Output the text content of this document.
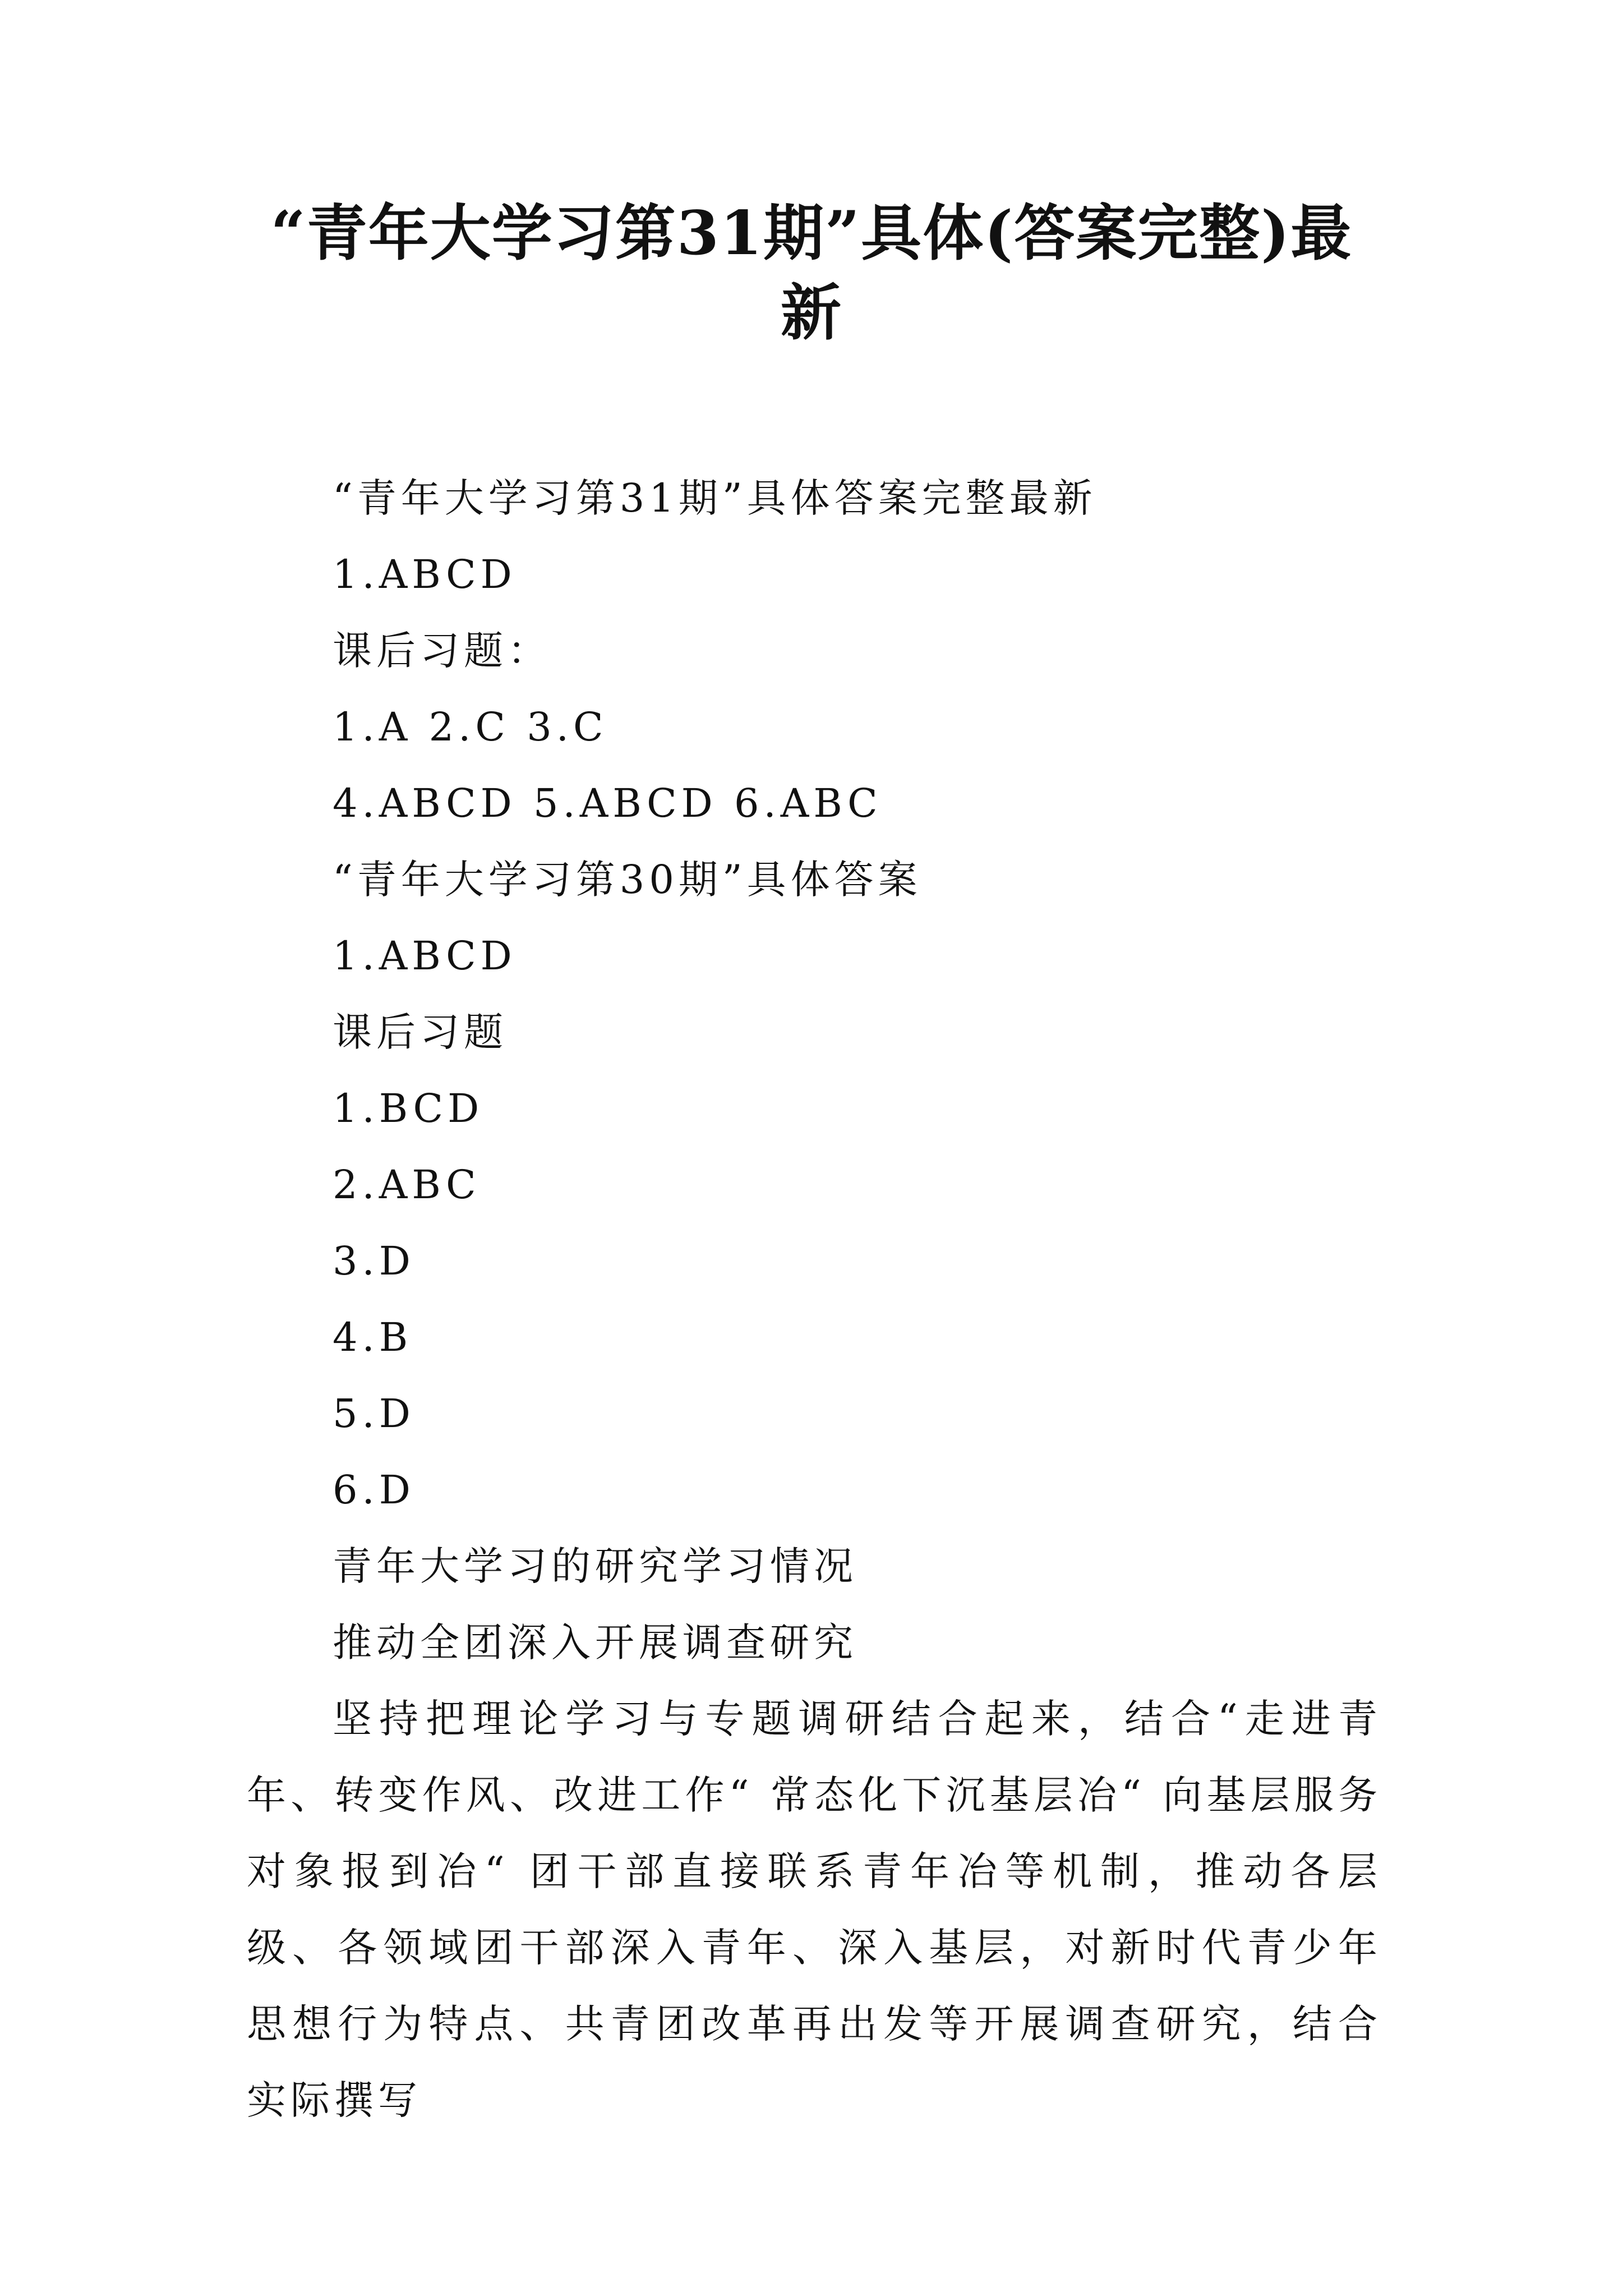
“青年大学习第31期”具体(答案完整)最
新
“青年大学习第31期”具体答案完整最新
1.ABCD
课后习题：
1.A 2.C 3.C
4.ABCD 5.ABCD 6.ABC
“青年大学习第30期”具体答案
1.ABCD
课后习题
1.BCD
2.ABC
3.D
4.B
5.D
6.D
青年大学习的研究学习情况
推动全团深入开展调查研究

坚持把理论学习与专题调研结合起来，结合“走进青年、转变作风、改进工作“ 常态化下沉基层冶“ 向基层服务对象报到冶“ 团干部直接联系青年冶等机制，推动各层级、各领域团干部深入青年、深入基层，对新时代青少年思想行为特点、共青团改革再出发等开展调查研究，结合实际撰写
